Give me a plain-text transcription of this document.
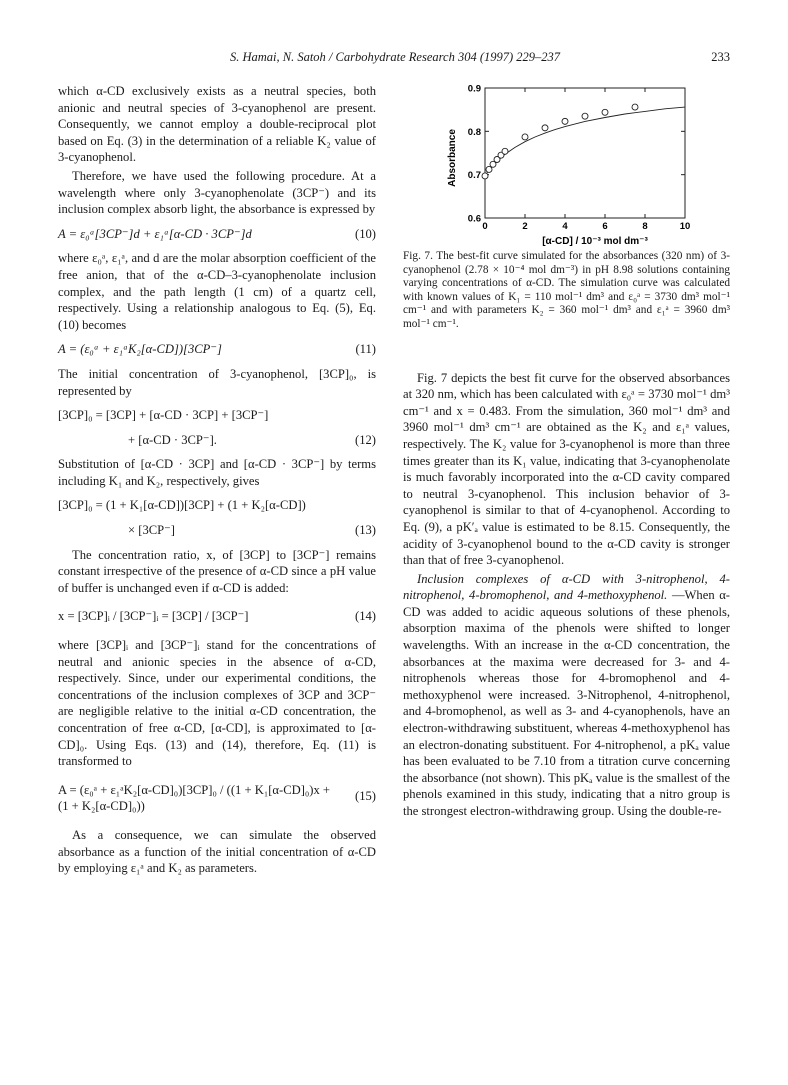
S. Hamai, N. Satoh / Carbohydrate Research 304 (1997) 229–237	233
0	2	4	6	8	10
0.6
0.7
0.8
0.9
Absorbance
[α-CD] / 10⁻³ mol dm⁻³

which α-CD exclusively exists as a neutral species, both anionic and neutral species of 3-cyanophenol are present. Consequently, we cannot employ a double-reciprocal plot based on Eq. (3) in the determination of a reliable K₂ value of 3-cyanophenol.

Therefore, we have used the following procedure. At a wavelength where only 3-cyanophenolate (3CP⁻) and its inclusion complex absorb light, the absorbance is expressed by

A = ε₀ᵃ[3CP⁻]d + ε₁ᵃ[α-CD · 3CP⁻]d	(10)

where ε₀ᵃ, ε₁ᵃ, and d are the molar absorption coefficient of the free anion, that of the α-CD–3-cyanophenolate inclusion complex, and the path length (1 cm) of a quartz cell, respectively. Using a relationship analogous to Eq. (5), Eq. (10) becomes

A = (ε₀ᵃ + ε₁ᵃK₂[α-CD])[3CP⁻]	(11)

The initial concentration of 3-cyanophenol, [3CP]₀, is represented by

[3CP]₀ = [3CP] + [α-CD · 3CP] + [3CP⁻]
+ [α-CD · 3CP⁻].	(12)

Substitution of [α-CD · 3CP] and [α-CD · 3CP⁻] by terms including K₁ and K₂, respectively, gives

[3CP]₀ = (1 + K₁[α-CD])[3CP] + (1 + K₂[α-CD])
× [3CP⁻]	(13)

The concentration ratio, x, of [3CP] to [3CP⁻] remains constant irrespective of the presence of α-CD since a pH value of buffer is unchanged even if α-CD is added:

x = [3CP]ᵢ / [3CP⁻]ᵢ = [3CP] / [3CP⁻]	(14)

where [3CP]ᵢ and [3CP⁻]ᵢ stand for the concentrations of neutral and anionic species in the absence of α-CD, respectively. Since, under our experimental conditions, the concentrations of the inclusion complexes of 3CP and 3CP⁻ are negligible relative to the initial α-CD concentration, the concentration of free α-CD, [α-CD], is approximated to [α-CD]₀. Using Eqs. (13) and (14), therefore, Eq. (11) is transformed to

A = (ε₀ᵃ + ε₁ᵃK₂[α-CD]₀)[3CP]₀ / ((1 + K₁[α-CD]₀)x + (1 + K₂[α-CD]₀))
(15)

As a consequence, we can simulate the observed absorbance as a function of the initial concentration of α-CD by employing ε₁ᵃ and K₂ as parameters.

Fig. 7. The best-fit curve simulated for the absorbances (320 nm) of 3-cyanophenol (2.78 × 10⁻⁴ mol dm⁻³) in pH 8.98 solutions containing varying concentrations of α-CD. The simulation curve was calculated with known values of K₁ = 110 mol⁻¹ dm³ and ε₀ᵃ = 3730 dm³ mol⁻¹ cm⁻¹ and with parameters K₂ = 360 mol⁻¹ dm³ and ε₁ᵃ = 3960 dm³ mol⁻¹ cm⁻¹.

Fig. 7 depicts the best fit curve for the observed absorbances at 320 nm, which has been calculated with ε₀ᵃ = 3730 mol⁻¹ dm³ cm⁻¹ and x = 0.483. From the simulation, 360 mol⁻¹ dm³ and 3960 mol⁻¹ dm³ cm⁻¹ are obtained as the K₂ and ε₁ᵃ values, respectively. The K₂ value for 3-cyanophenol is more than three times greater than its K₁ value, indicating that 3-cyanophenolate is much favorably incorporated into the α-CD cavity compared to neutral 3-cyanophenol. This inclusion behavior of 3-cyanophenol is similar to that of 4-cyanophenol. According to Eq. (9), a pK′ₐ value is estimated to be 8.15. Consequently, the acidity of 3-cyanophenol bound to the α-CD cavity is stronger than that of free 3-cyanophenol.

Inclusion complexes of α-CD with 3-nitrophenol, 4-nitrophenol, 4-bromophenol, and 4-methoxyphenol. —When α-CD was added to acidic aqueous solutions of these phenols, absorption maxima of the phenols were shifted to longer wavelengths. With an increase in the α-CD concentration, the absorbances at the maxima were decreased for 3- and 4-nitrophenols whereas those for 4-bromophenol and 4-methoxyphenol were increased. 3-Nitrophenol, 4-nitrophenol, and 4-bromophenol, as well as 3- and 4-cyanophenols, have an electron-withdrawing substituent, whereas 4-methoxyphenol has an electron-donating substituent. For 4-nitrophenol, a pKₐ value has been evaluated to be 7.10 from a titration curve concerning the absorbance (not shown). This pKₐ value is the smallest of the phenols examined in this study, indicating that a nitro group is the strongest electron-withdrawing group. Using the double-re-
